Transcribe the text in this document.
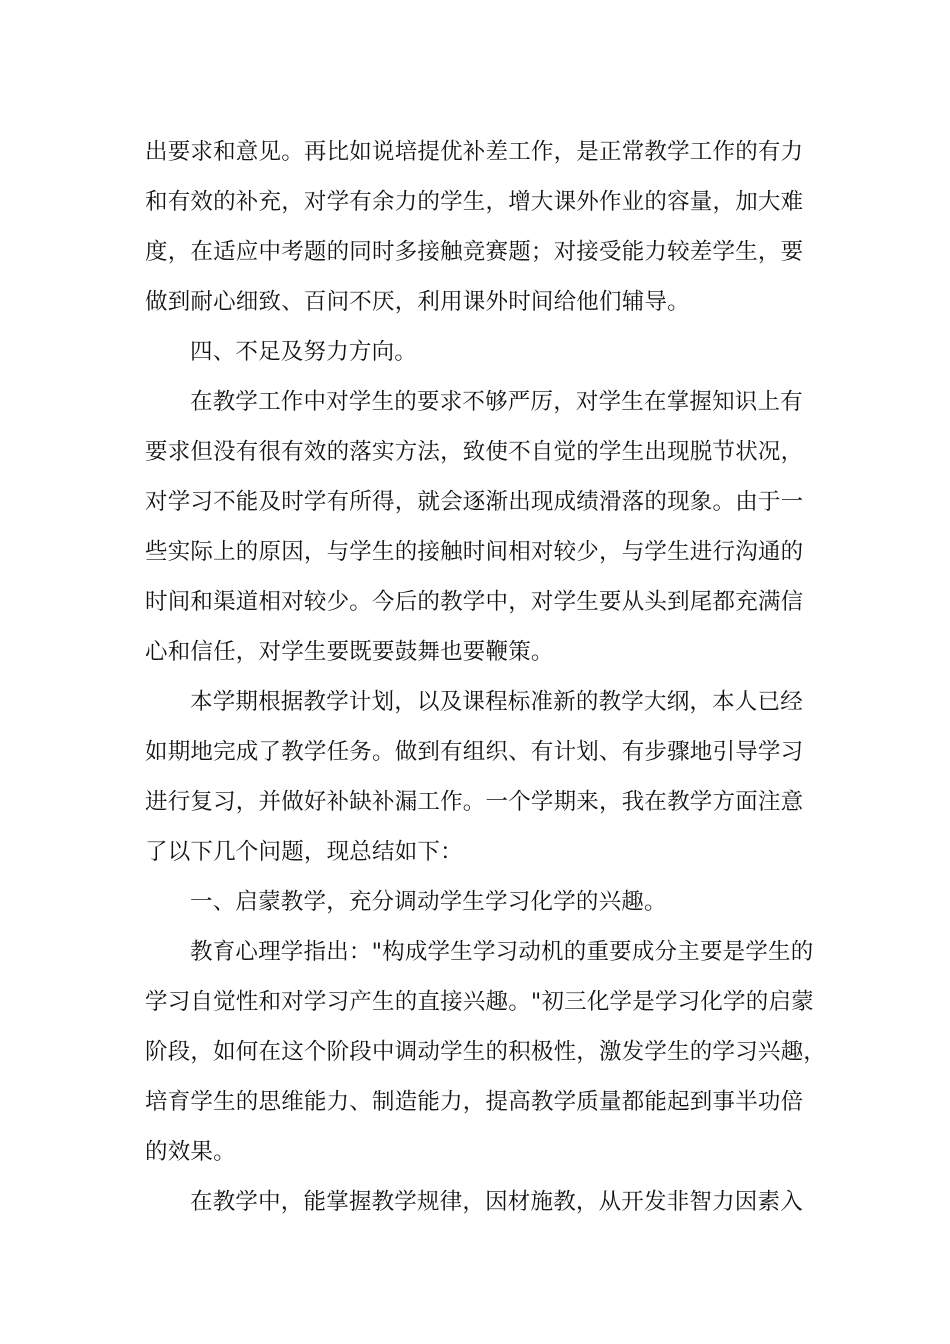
出要求和意见。再比如说培提优补差工作，是正常教学工作的有力
和有效的补充，对学有余力的学生，增大课外作业的容量，加大难
度，在适应中考题的同时多接触竞赛题；对接受能力较差学生，要
做到耐心细致、百问不厌，利用课外时间给他们辅导。
四、不足及努力方向。
在教学工作中对学生的要求不够严厉，对学生在掌握知识上有
要求但没有很有效的落实方法，致使不自觉的学生出现脱节状况，
对学习不能及时学有所得，就会逐渐出现成绩滑落的现象。由于一
些实际上的原因，与学生的接触时间相对较少，与学生进行沟通的
时间和渠道相对较少。今后的教学中，对学生要从头到尾都充满信
心和信任，对学生要既要鼓舞也要鞭策。
本学期根据教学计划，以及课程标准新的教学大纲，本人已经
如期地完成了教学任务。做到有组织、有计划、有步骤地引导学习
进行复习，并做好补缺补漏工作。一个学期来，我在教学方面注意
了以下几个问题，现总结如下：
一、启蒙教学，充分调动学生学习化学的兴趣。
教育心理学指出："构成学生学习动机的重要成分主要是学生的
学习自觉性和对学习产生的直接兴趣。"初三化学是学习化学的启蒙
阶段，如何在这个阶段中调动学生的积极性，激发学生的学习兴趣，
培育学生的思维能力、制造能力，提高教学质量都能起到事半功倍
的效果。
在教学中，能掌握教学规律，因材施教，从开发非智力因素入
